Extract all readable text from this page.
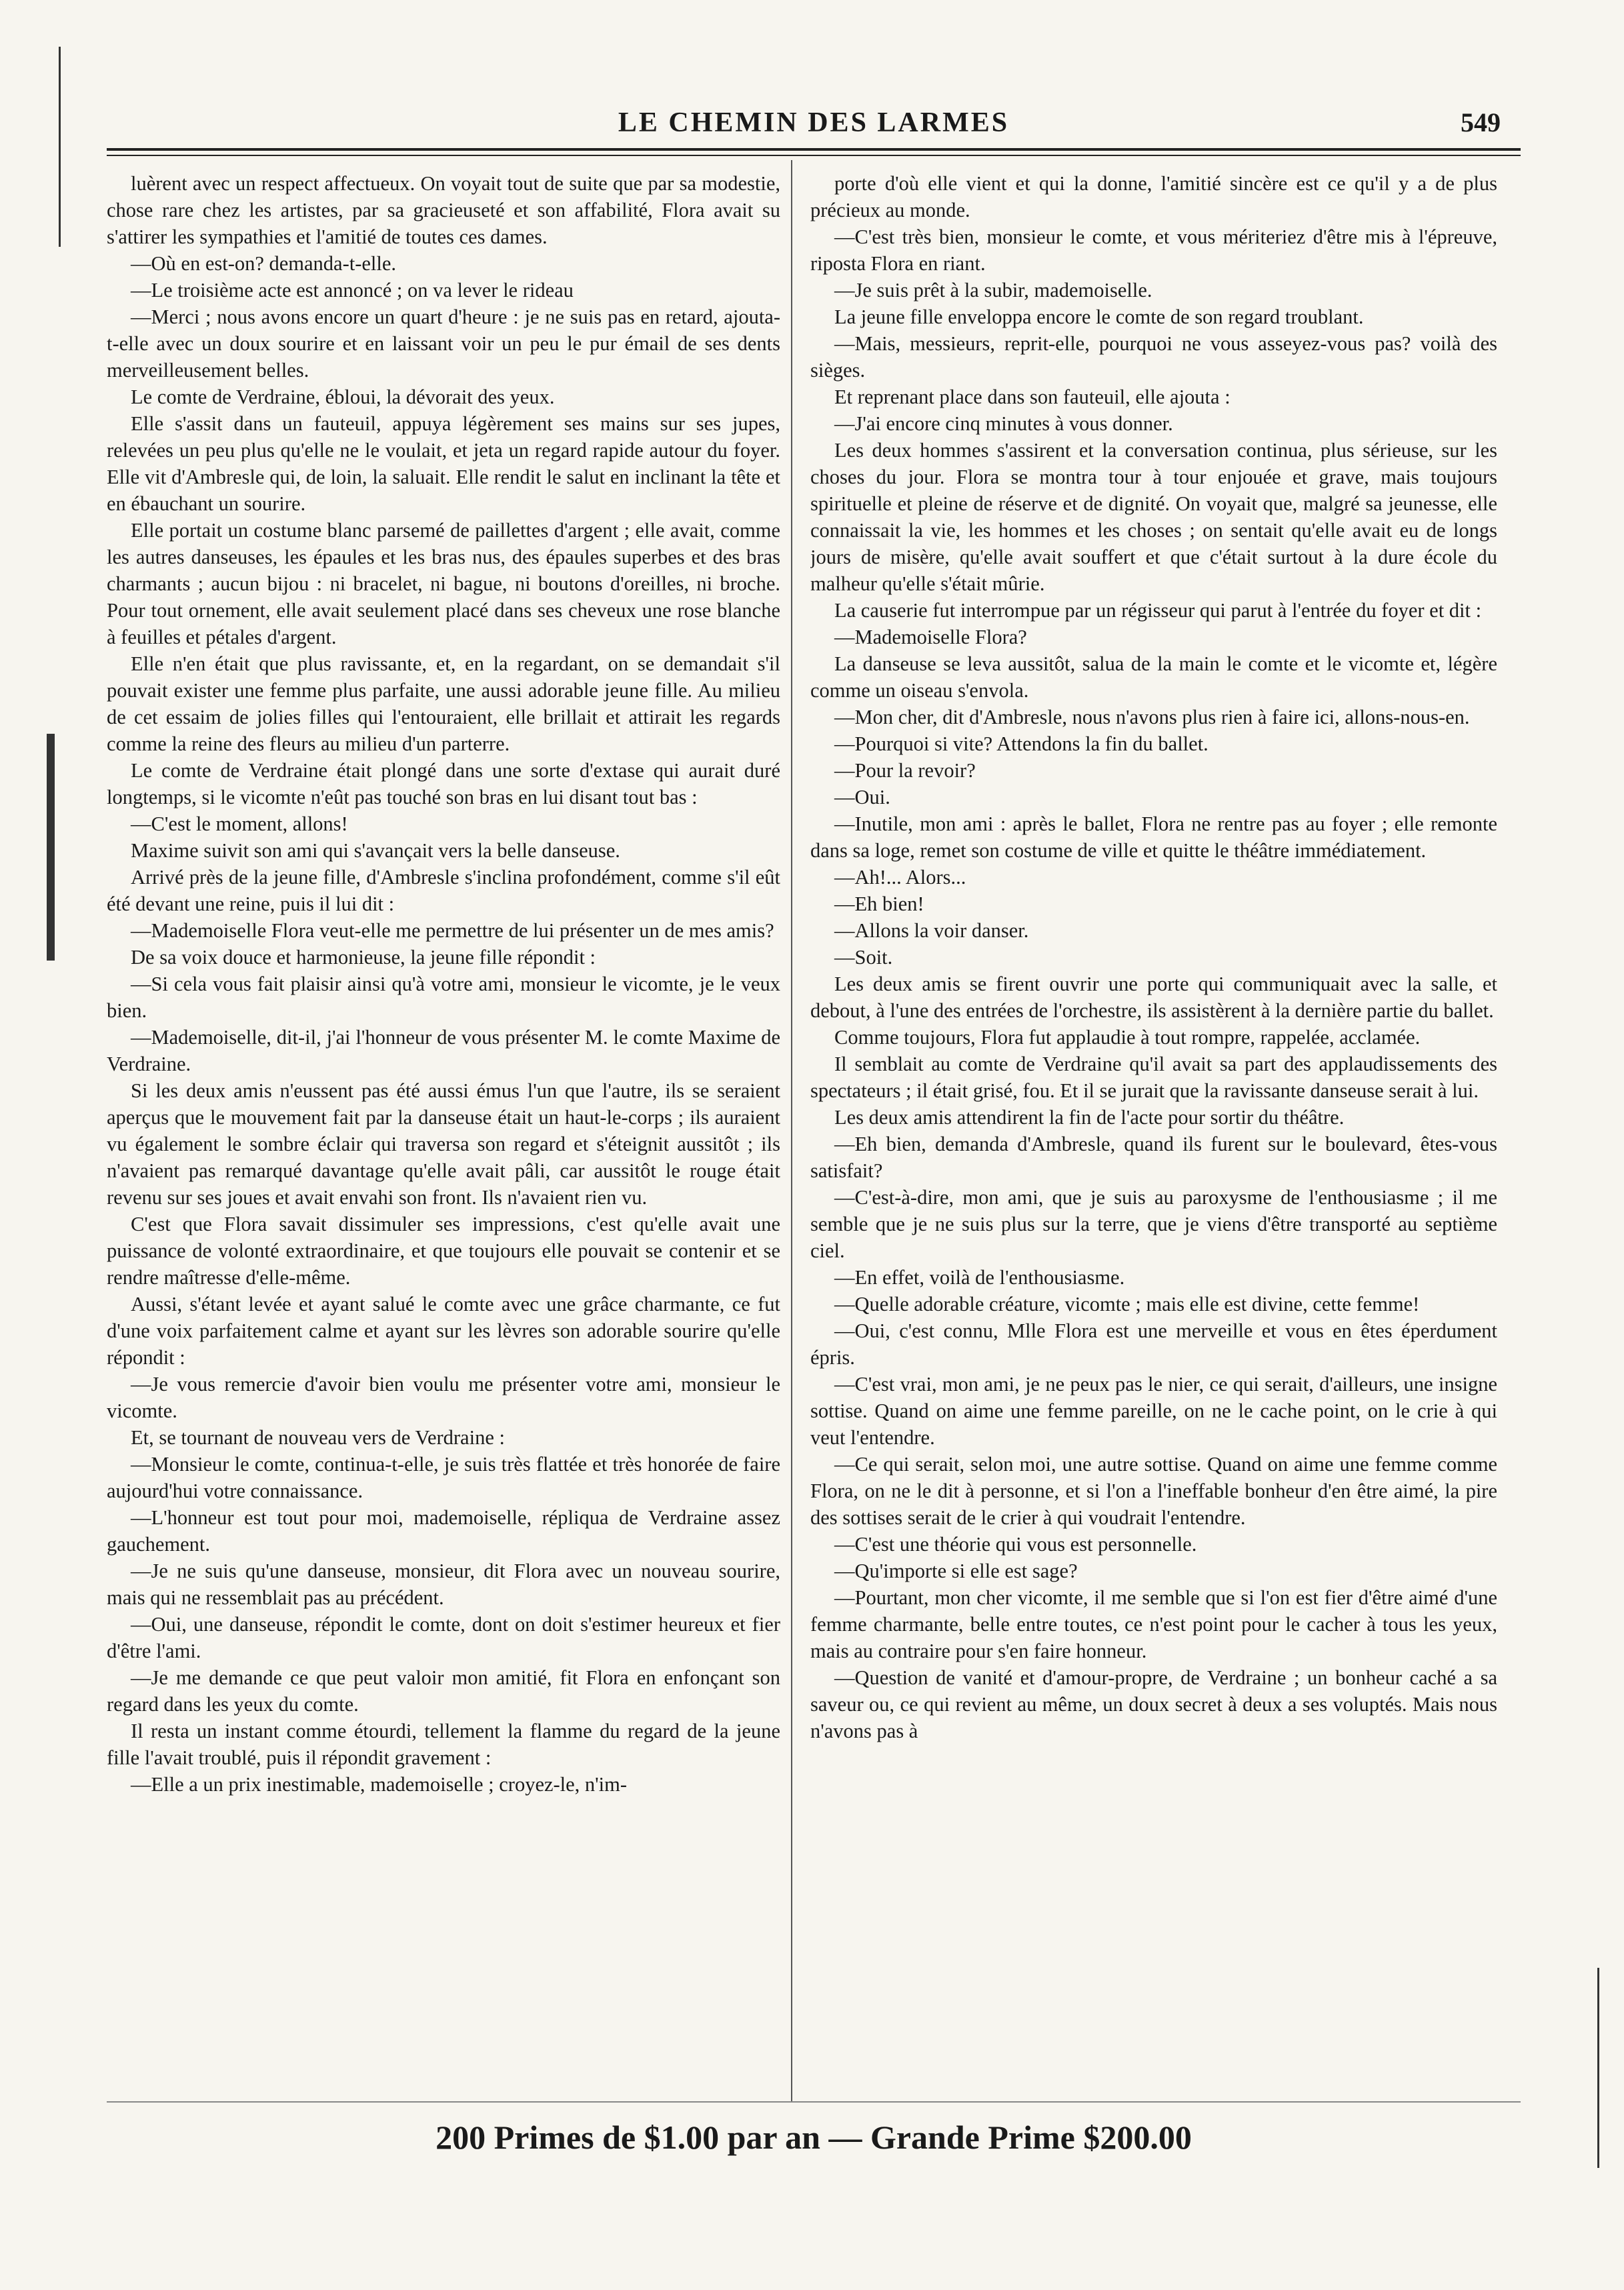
LE CHEMIN DES LARMES	549

luèrent avec un respect affectueux. On voyait tout de suite que par sa modestie, chose rare chez les artistes, par sa gracieuseté et son affabilité, Flora avait su s'attirer les sympathies et l'amitié de toutes ces dames.

—Où en est-on? demanda-t-elle.

—Le troisième acte est annoncé ; on va lever le rideau

—Merci ; nous avons encore un quart d'heure : je ne suis pas en retard, ajouta-t-elle avec un doux sourire et en laissant voir un peu le pur émail de ses dents merveilleusement belles.

Le comte de Verdraine, ébloui, la dévorait des yeux.

Elle s'assit dans un fauteuil, appuya légèrement ses mains sur ses jupes, relevées un peu plus qu'elle ne le voulait, et jeta un regard rapide autour du foyer. Elle vit d'Ambresle qui, de loin, la saluait. Elle rendit le salut en inclinant la tête et en ébauchant un sourire.

Elle portait un costume blanc parsemé de paillettes d'argent ; elle avait, comme les autres danseuses, les épaules et les bras nus, des épaules superbes et des bras charmants ; aucun bijou : ni bracelet, ni bague, ni boutons d'oreilles, ni broche. Pour tout ornement, elle avait seulement placé dans ses cheveux une rose blanche à feuilles et pétales d'argent.

Elle n'en était que plus ravissante, et, en la regardant, on se demandait s'il pouvait exister une femme plus parfaite, une aussi adorable jeune fille. Au milieu de cet essaim de jolies filles qui l'entouraient, elle brillait et attirait les regards comme la reine des fleurs au milieu d'un parterre.

Le comte de Verdraine était plongé dans une sorte d'extase qui aurait duré longtemps, si le vicomte n'eût pas touché son bras en lui disant tout bas :

—C'est le moment, allons!

Maxime suivit son ami qui s'avançait vers la belle danseuse.

Arrivé près de la jeune fille, d'Ambresle s'inclina profondément, comme s'il eût été devant une reine, puis il lui dit :

—Mademoiselle Flora veut-elle me permettre de lui présenter un de mes amis?

De sa voix douce et harmonieuse, la jeune fille répondit :

—Si cela vous fait plaisir ainsi qu'à votre ami, monsieur le vicomte, je le veux bien.

—Mademoiselle, dit-il, j'ai l'honneur de vous présenter M. le comte Maxime de Verdraine.

Si les deux amis n'eussent pas été aussi émus l'un que l'autre, ils se seraient aperçus que le mouvement fait par la danseuse était un haut-le-corps ; ils auraient vu également le sombre éclair qui traversa son regard et s'éteignit aussitôt ; ils n'avaient pas remarqué davantage qu'elle avait pâli, car aussitôt le rouge était revenu sur ses joues et avait envahi son front. Ils n'avaient rien vu.

C'est que Flora savait dissimuler ses impressions, c'est qu'elle avait une puissance de volonté extraordinaire, et que toujours elle pouvait se contenir et se rendre maîtresse d'elle-même.

Aussi, s'étant levée et ayant salué le comte avec une grâce charmante, ce fut d'une voix parfaitement calme et ayant sur les lèvres son adorable sourire qu'elle répondit :

—Je vous remercie d'avoir bien voulu me présenter votre ami, monsieur le vicomte.

Et, se tournant de nouveau vers de Verdraine :

—Monsieur le comte, continua-t-elle, je suis très flattée et très honorée de faire aujourd'hui votre connaissance.

—L'honneur est tout pour moi, mademoiselle, répliqua de Verdraine assez gauchement.

—Je ne suis qu'une danseuse, monsieur, dit Flora avec un nouveau sourire, mais qui ne ressemblait pas au précédent.

—Oui, une danseuse, répondit le comte, dont on doit s'estimer heureux et fier d'être l'ami.

—Je me demande ce que peut valoir mon amitié, fit Flora en enfonçant son regard dans les yeux du comte.

Il resta un instant comme étourdi, tellement la flamme du regard de la jeune fille l'avait troublé, puis il répondit gravement :

—Elle a un prix inestimable, mademoiselle ; croyez-le, n'im-

porte d'où elle vient et qui la donne, l'amitié sincère est ce qu'il y a de plus précieux au monde.

—C'est très bien, monsieur le comte, et vous mériteriez d'être mis à l'épreuve, riposta Flora en riant.

—Je suis prêt à la subir, mademoiselle.

La jeune fille enveloppa encore le comte de son regard troublant.

—Mais, messieurs, reprit-elle, pourquoi ne vous asseyez-vous pas? voilà des sièges.

Et reprenant place dans son fauteuil, elle ajouta :

—J'ai encore cinq minutes à vous donner.

Les deux hommes s'assirent et la conversation continua, plus sérieuse, sur les choses du jour. Flora se montra tour à tour enjouée et grave, mais toujours spirituelle et pleine de réserve et de dignité. On voyait que, malgré sa jeunesse, elle connaissait la vie, les hommes et les choses ; on sentait qu'elle avait eu de longs jours de misère, qu'elle avait souffert et que c'était surtout à la dure école du malheur qu'elle s'était mûrie.

La causerie fut interrompue par un régisseur qui parut à l'entrée du foyer et dit :

—Mademoiselle Flora?

La danseuse se leva aussitôt, salua de la main le comte et le vicomte et, légère comme un oiseau s'envola.

—Mon cher, dit d'Ambresle, nous n'avons plus rien à faire ici, allons-nous-en.

—Pourquoi si vite? Attendons la fin du ballet.

—Pour la revoir?

—Oui.

—Inutile, mon ami : après le ballet, Flora ne rentre pas au foyer ; elle remonte dans sa loge, remet son costume de ville et quitte le théâtre immédiatement.

—Ah!... Alors...

—Eh bien!

—Allons la voir danser.

—Soit.

Les deux amis se firent ouvrir une porte qui communiquait avec la salle, et debout, à l'une des entrées de l'orchestre, ils assistèrent à la dernière partie du ballet.

Comme toujours, Flora fut applaudie à tout rompre, rappelée, acclamée.

Il semblait au comte de Verdraine qu'il avait sa part des applaudissements des spectateurs ; il était grisé, fou. Et il se jurait que la ravissante danseuse serait à lui.

Les deux amis attendirent la fin de l'acte pour sortir du théâtre.

—Eh bien, demanda d'Ambresle, quand ils furent sur le boulevard, êtes-vous satisfait?

—C'est-à-dire, mon ami, que je suis au paroxysme de l'enthousiasme ; il me semble que je ne suis plus sur la terre, que je viens d'être transporté au septième ciel.

—En effet, voilà de l'enthousiasme.

—Quelle adorable créature, vicomte ; mais elle est divine, cette femme!

—Oui, c'est connu, Mlle Flora est une merveille et vous en êtes éperdument épris.

—C'est vrai, mon ami, je ne peux pas le nier, ce qui serait, d'ailleurs, une insigne sottise. Quand on aime une femme pareille, on ne le cache point, on le crie à qui veut l'entendre.

—Ce qui serait, selon moi, une autre sottise. Quand on aime une femme comme Flora, on ne le dit à personne, et si l'on a l'ineffable bonheur d'en être aimé, la pire des sottises serait de le crier à qui voudrait l'entendre.

—C'est une théorie qui vous est personnelle.

—Qu'importe si elle est sage?

—Pourtant, mon cher vicomte, il me semble que si l'on est fier d'être aimé d'une femme charmante, belle entre toutes, ce n'est point pour le cacher à tous les yeux, mais au contraire pour s'en faire honneur.

—Question de vanité et d'amour-propre, de Verdraine ; un bonheur caché a sa saveur ou, ce qui revient au même, un doux secret à deux a ses voluptés. Mais nous n'avons pas à

200 Primes de $1.00 par an — Grande Prime $200.00
